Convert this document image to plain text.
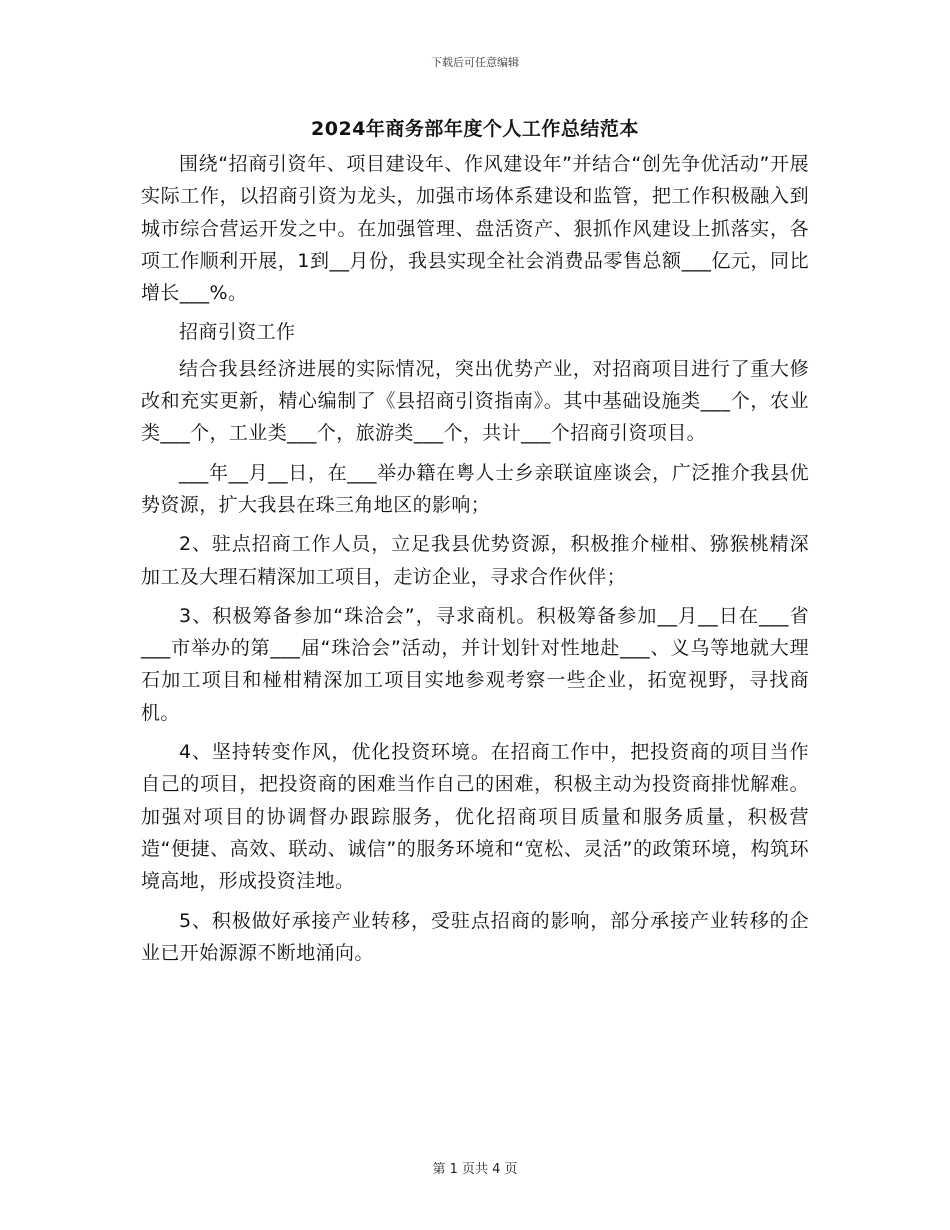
下载后可任意编辑
2024年商务部年度个人工作总结范本

围绕“招商引资年、项目建设年、作风建设年”并结合“创先争优活动”开展实际工作，以招商引资为龙头，加强市场体系建设和监管，把工作积极融入到城市综合营运开发之中。在加强管理、盘活资产、狠抓作风建设上抓落实，各项工作顺利开展，1到__月份，我县实现全社会消费品零售总额___亿元，同比增长___%。

招商引资工作

结合我县经济进展的实际情况，突出优势产业，对招商项目进行了重大修改和充实更新，精心编制了《县招商引资指南》。其中基础设施类___个，农业类___个，工业类___个，旅游类___个，共计___个招商引资项目。

___年__月__日，在___举办籍在粤人士乡亲联谊座谈会，广泛推介我县优势资源，扩大我县在珠三角地区的影响；

2、驻点招商工作人员，立足我县优势资源，积极推介椪柑、猕猴桃精深加工及大理石精深加工项目，走访企业，寻求合作伙伴；

3、积极筹备参加“珠洽会”，寻求商机。积极筹备参加__月__日在___省___市举办的第___届“珠洽会”活动，并计划针对性地赴___、义乌等地就大理石加工项目和椪柑精深加工项目实地参观考察一些企业，拓宽视野，寻找商机。

4、坚持转变作风，优化投资环境。在招商工作中，把投资商的项目当作自己的项目，把投资商的困难当作自己的困难，积极主动为投资商排忧解难。加强对项目的协调督办跟踪服务，优化招商项目质量和服务质量，积极营造“便捷、高效、联动、诚信”的服务环境和“宽松、灵活”的政策环境，构筑环境高地，形成投资洼地。

5、积极做好承接产业转移，受驻点招商的影响，部分承接产业转移的企业已开始源源不断地涌向。

第 1 页共 4 页
